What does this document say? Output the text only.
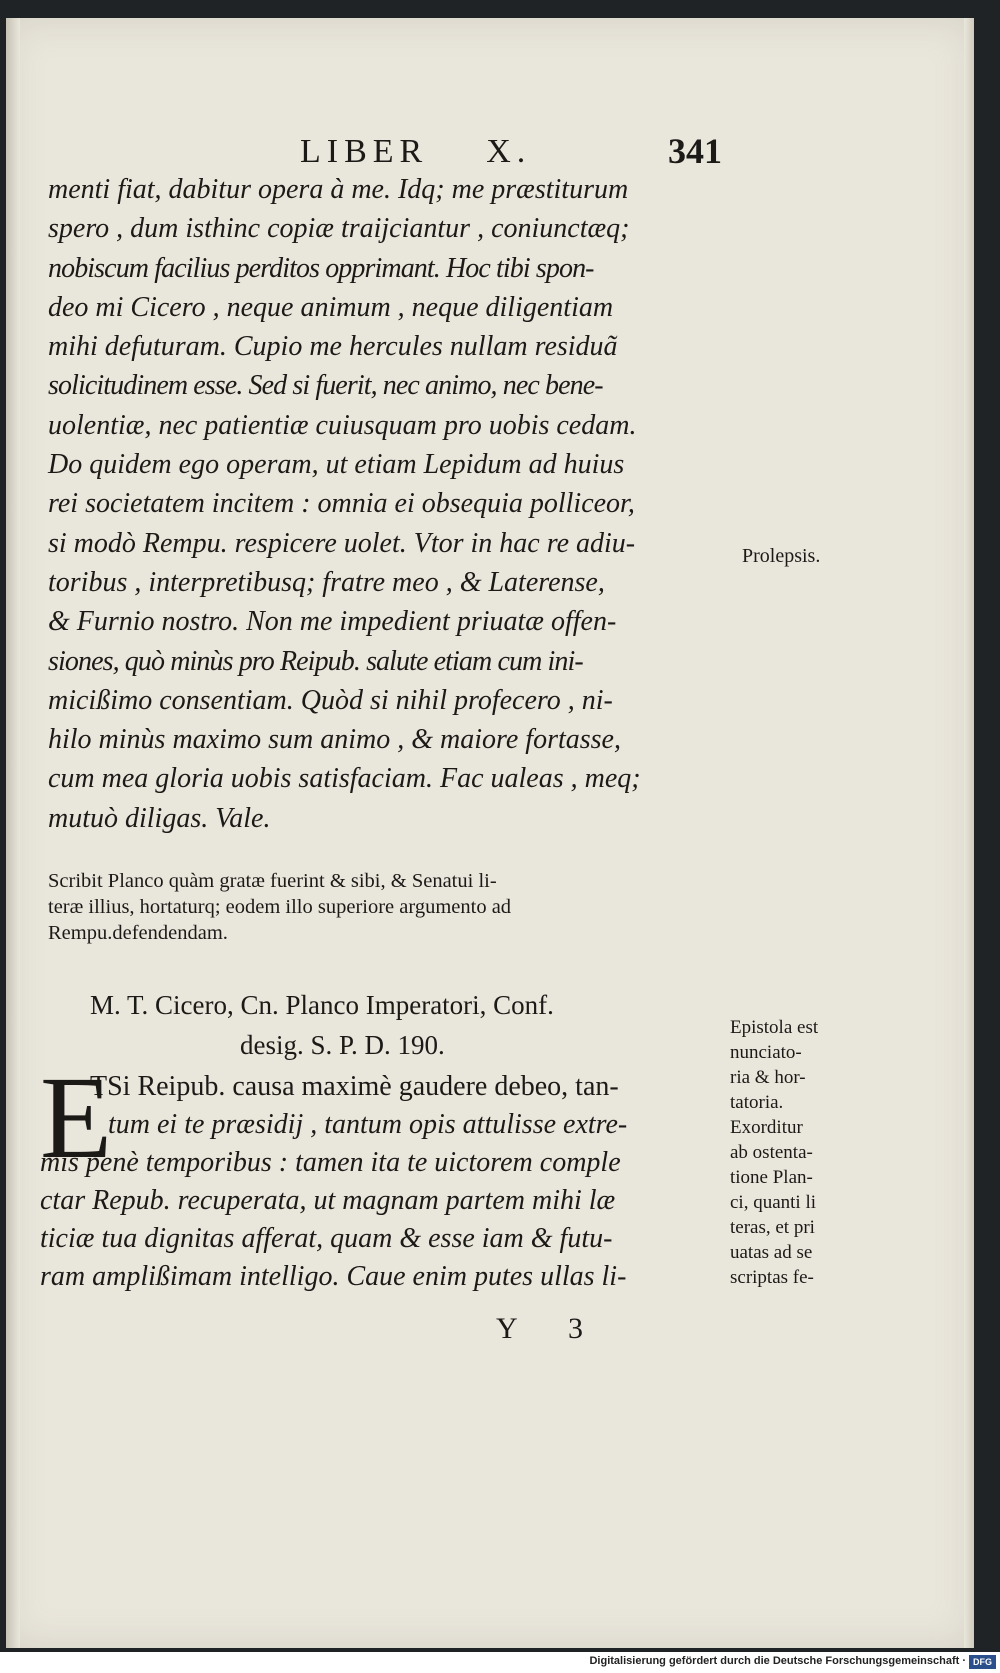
LIBER X.	341
menti fiat, dabitur opera à me. Idq; me præstiturum
spero , dum isthinc copiæ traijciantur , coniunctæq;
nobiscum facilius perditos opprimant. Hoc tibi spon-
deo mi Cicero , neque animum , neque diligentiam
mihi defuturam. Cupio me hercules nullam residuã
solicitudinem esse. Sed si fuerit, nec animo, nec bene-
uolentiæ, nec patientiæ cuiusquam pro uobis cedam.
Do quidem ego operam, ut etiam Lepidum ad huius
rei societatem incitem : omnia ei obsequia polliceor,
si modò Rempu. respicere uolet. Vtor in hac re adiu-
toribus , interpretibusq; fratre meo , & Laterense,
& Furnio nostro. Non me impedient priuatæ offen-
siones, quò minùs pro Reipub. salute etiam cum ini-
micißimo consentiam. Quòd si nihil profecero , ni-
hilo minùs maximo sum animo , & maiore fortasse,
cum mea gloria uobis satisfaciam. Fac ualeas , meq;
mutuò diligas. Vale.
Prolepsis.
Epistola est
nunciato-
ria & hor-
tatoria.
Exorditur
ab ostenta-
tione Plan-
ci, quanti li
teras, et pri
uatas ad se
scriptas fe-
Scribit Planco quàm gratæ fuerint & sibi, & Senatui li-
teræ illius, hortaturq; eodem illo superiore argumento ad
Rempu.defendendam.
M. T. Cicero, Cn. Planco Imperatori, Conf.
desig. S. P. D. 190.
E
TSi Reipub. causa maximè gaudere debeo, tan-
tum ei te præsidij , tantum opis attulisse extre-
mis penè temporibus : tamen ita te uictorem comple
ctar Repub. recuperata, ut magnam partem mihi læ
ticiæ tua dignitas afferat, quam & esse iam & futu-
ram amplißimam intelligo. Caue enim putes ullas li-
Y 3
Digitalisierung gefördert durch die Deutsche Forschungsgemeinschaft · DFG
